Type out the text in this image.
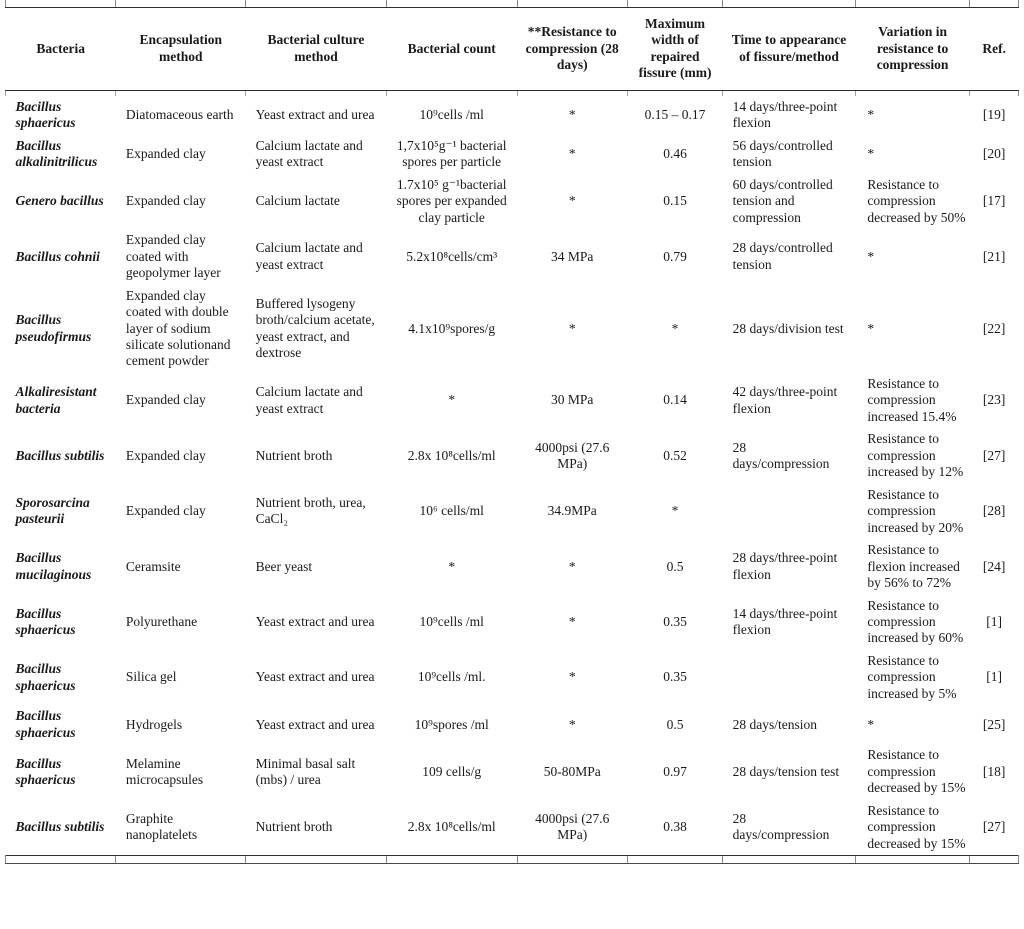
Bacteria	Encapsulation method	Bacterial culture method	Bacterial count	**Resistance to compression (28 days)	Maximum width of repaired fissure (mm)	Time to appearance of fissure/method	Variation in resistance to compression	Ref.

Bacillus sphaericus	Diatomaceous earth	Yeast extract and urea	10⁹cells /ml	*	0.15 – 0.17	14 days/three-point flexion	*	[19]
Bacillus alkalinitrilicus	Expanded clay	Calcium lactate and yeast extract	1,7x10⁵g⁻¹ bacterial spores per particle	*	0.46	56 days/controlled tension	*	[20]
Genero bacillus	Expanded clay	Calcium lactate	1.7x10⁵ g⁻¹bacterial spores per expanded clay particle	*	0.15	60 days/controlled tension and compression	Resistance to compression decreased by 50%	[17]
Bacillus cohnii	Expanded clay coated with geopolymer layer	Calcium lactate and yeast extract	5.2x10⁸cells/cm³	34 MPa	0.79	28 days/controlled tension	*	[21]
Bacillus pseudofirmus	Expanded clay coated with double layer of sodium silicate solutionand cement powder	Buffered lysogeny broth/calcium acetate, yeast extract, and dextrose	4.1x10⁹spores/g	*	*	28 days/division test	*	[22]
Alkaliresistant bacteria	Expanded clay	Calcium lactate and yeast extract	*	30 MPa	0.14	42 days/three-point flexion	Resistance to compression increased 15.4%	[23]
Bacillus subtilis	Expanded clay	Nutrient broth	2.8x 10⁸cells/ml	4000psi (27.6 MPa)	0.52	28 days/compression	Resistance to compression increased by 12%	[27]
Sporosarcina pasteurii	Expanded clay	Nutrient broth, urea, CaCl₂	10⁶ cells/ml	34.9MPa	*		Resistance to compression increased by 20%	[28]
Bacillus mucilaginous	Ceramsite	Beer yeast	*	*	0.5	28 days/three-point flexion	Resistance to flexion increased by 56% to 72%	[24]
Bacillus sphaericus	Polyurethane	Yeast extract and urea	10⁹cells /ml	*	0.35	14 days/three-point flexion	Resistance to compression increased by 60%	[1]
Bacillus sphaericus	Silica gel	Yeast extract and urea	10⁹cells /ml.	*	0.35		Resistance to compression increased by 5%	[1]
Bacillus sphaericus	Hydrogels	Yeast extract and urea	10⁹spores /ml	*	0.5	28 days/tension	*	[25]
Bacillus sphaericus	Melamine microcapsules	Minimal basal salt (mbs) / urea	109 cells/g	50-80MPa	0.97	28 days/tension test	Resistance to compression decreased by 15%	[18]
Bacillus subtilis	Graphite nanoplatelets	Nutrient broth	2.8x 10⁸cells/ml	4000psi (27.6 MPa)	0.38	28 days/compression	Resistance to compression decreased by 15%	[27]
